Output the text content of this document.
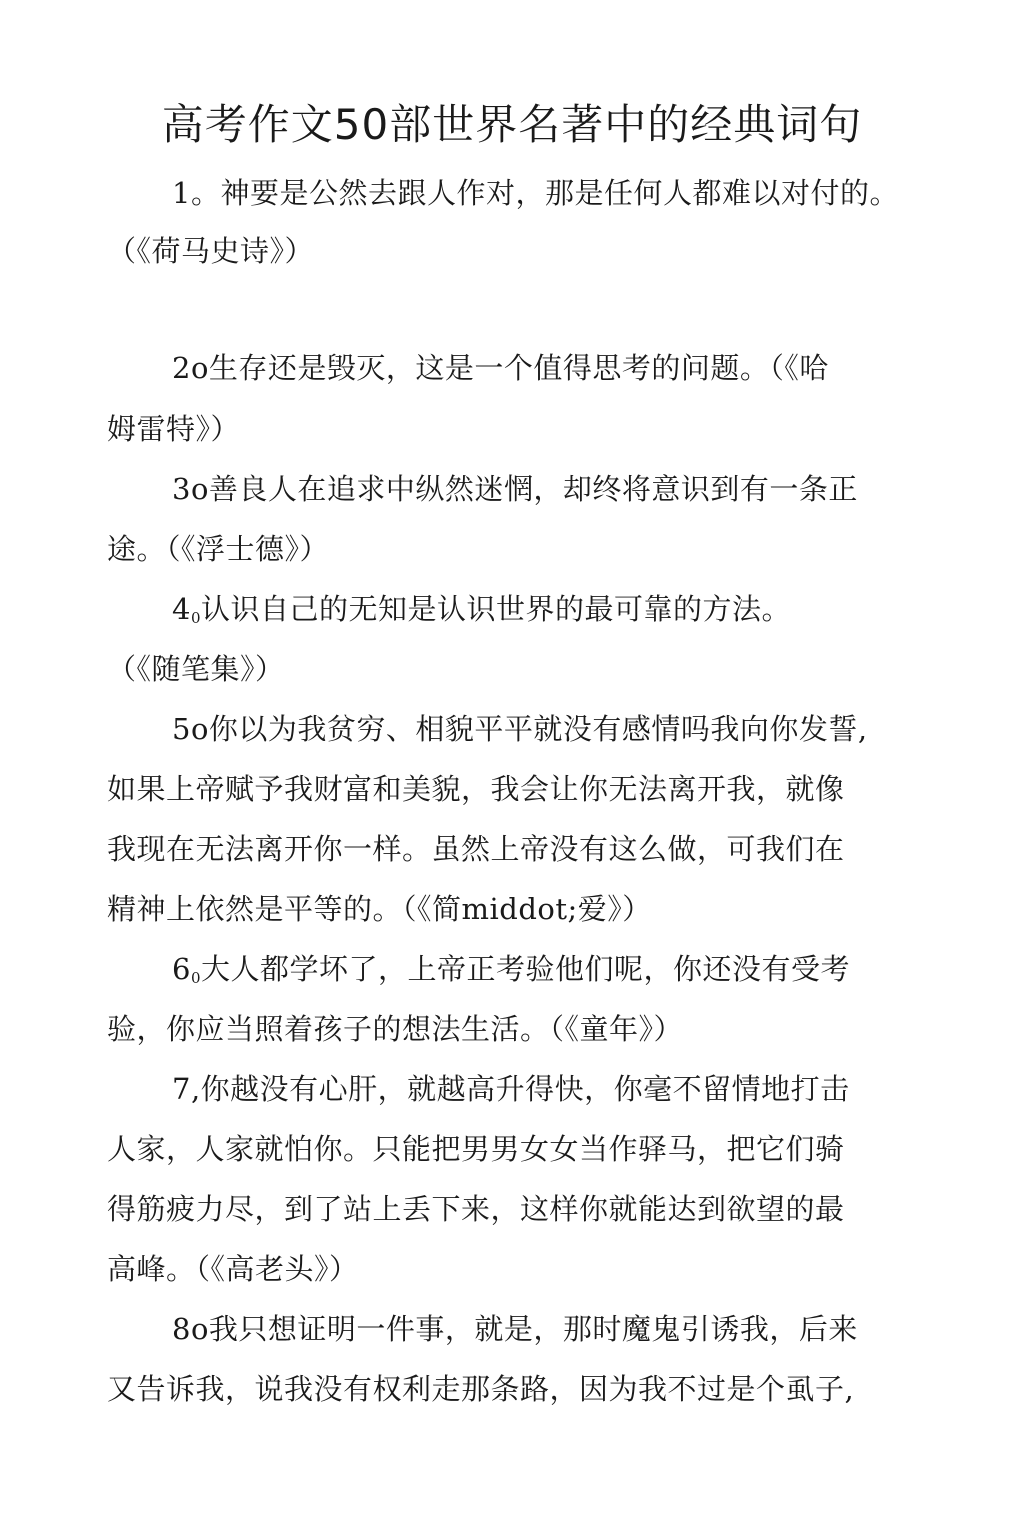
高考作文50部世界名著中的经典词句
1。神要是公然去跟人作对，那是任何人都难以对付的。
（《荷马史诗》）
2o生存还是毁灭，这是一个值得思考的问题。（《哈
姆雷特》）
3o善良人在追求中纵然迷惘，却终将意识到有一条正
途。（《浮士德》）
$4_0$认识自己的无知是认识世界的最可靠的方法。
（《随笔集》）
5o你以为我贫穷、相貌平平就没有感情吗我向你发誓,
如果上帝赋予我财富和美貌，我会让你无法离开我，就像
我现在无法离开你一样。虽然上帝没有这么做，可我们在
精神上依然是平等的。（《简middot;爱》）
$6_0$大人都学坏了，上帝正考验他们呢，你还没有受考
验，你应当照着孩子的想法生活。（《童年》）
7,你越没有心肝，就越高升得快，你毫不留情地打击
人家，人家就怕你。只能把男男女女当作驿马，把它们骑
得筋疲力尽，到了站上丢下来，这样你就能达到欲望的最
高峰。（《高老头》）
8o我只想证明一件事，就是，那时魔鬼引诱我，后来
又告诉我，说我没有权利走那条路，因为我不过是个虱子,
